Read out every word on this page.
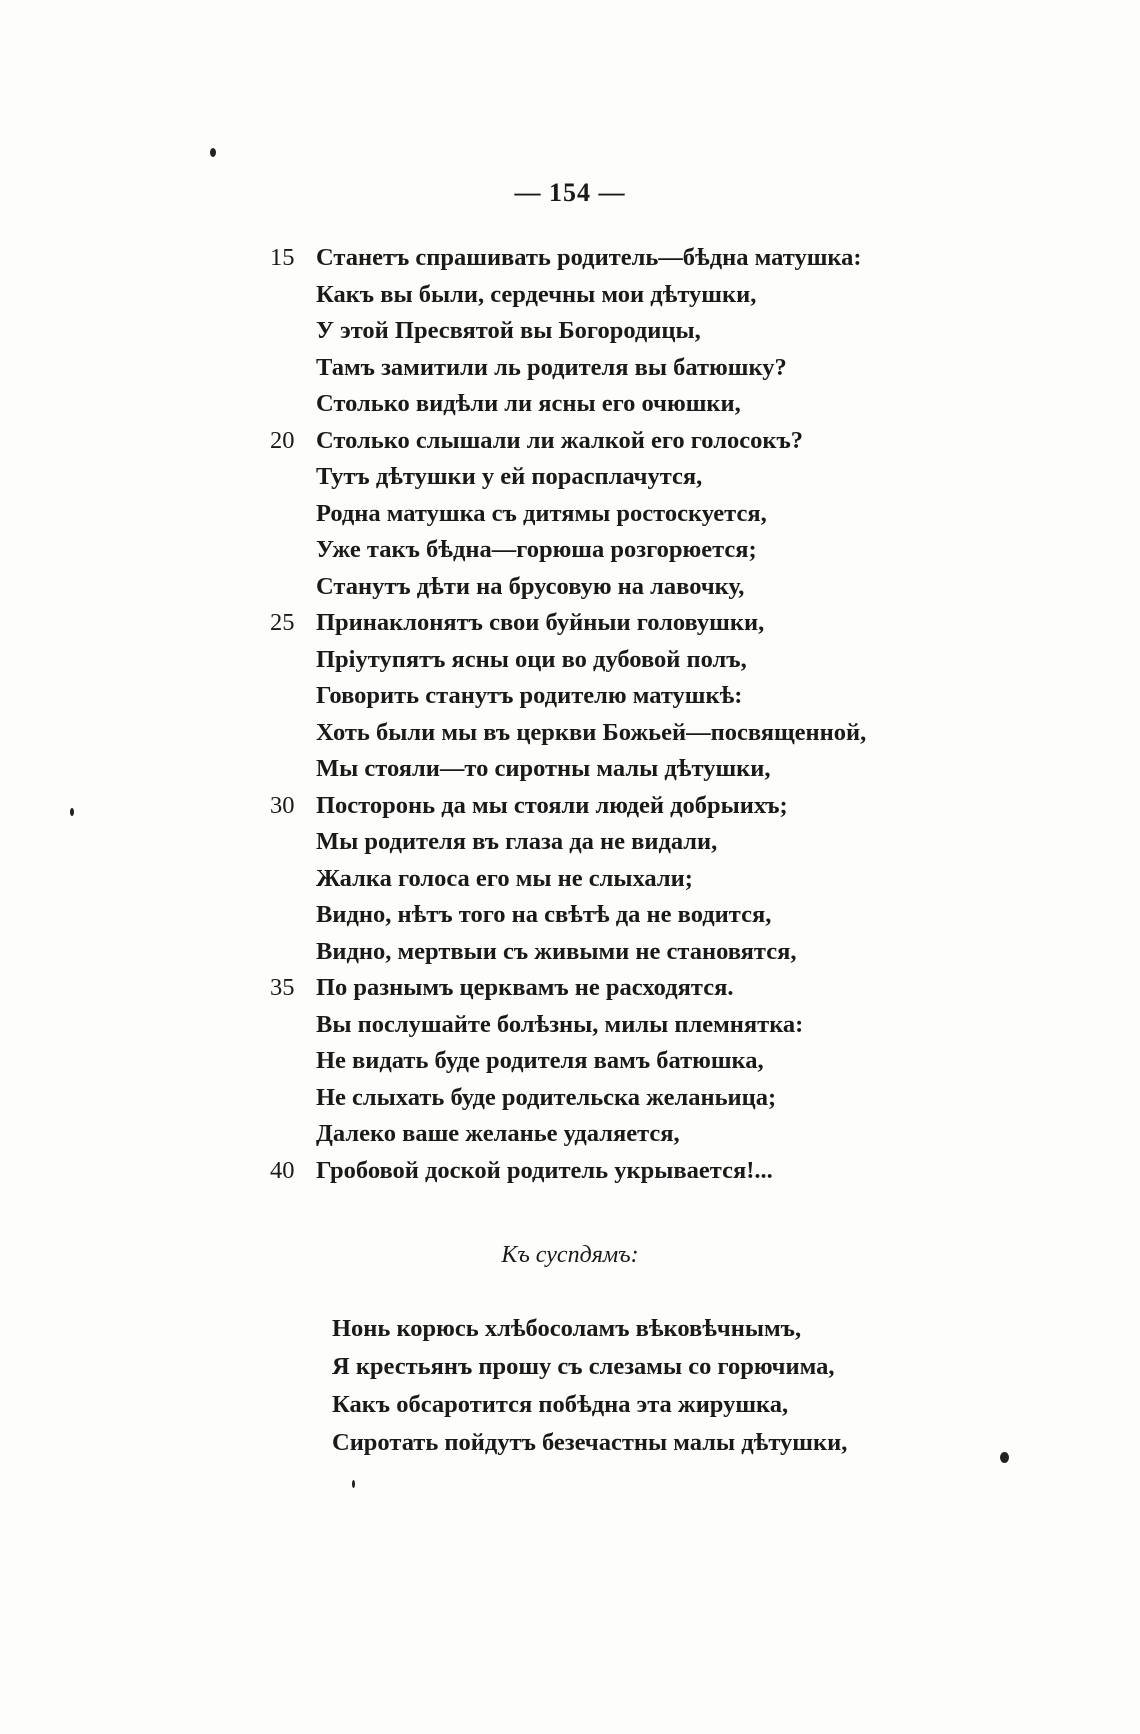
— 154 —
15 Станетъ спрашивать родитель—бѣдна матушка:
Какъ вы были, сердечны мои дѣтушки,
У этой Пресвятой вы Богородицы,
Тамъ замитили ль родителя вы батюшку?
Столько видѣли ли ясны его очюшки,
20 Столько слышали ли жалкой его голосокъ?
Тутъ дѣтушки у ей порасплачутся,
Родна матушка съ дитямы ростоскуется,
Уже такъ бѣдна—горюша розгорюется;
Станутъ дѣти на брусовую на лавочку,
25 Принаклонятъ свои буйныи головушки,
Прiутупятъ ясны оци во дубовой полъ,
Говорить станутъ родителю матушкѣ:
Хоть были мы въ церкви Божьей—посвященной,
Мы стояли—то сиротны малы дѣтушки,
30 Посторонь да мы стояли людей добрыихъ;
Мы родителя въ глаза да не видали,
Жалка голоса его мы не слыхали;
Видно, нѣтъ того на свѣтѣ да не водится,
Видно, мертвыи съ живыми не становятся,
35 По разнымъ церквамъ не расходятся.
Вы послушайте болѣзны, милы племнятка:
Не видать буде родителя вамъ батюшка,
Не слыхать буде родительска желаньица;
Далеко ваше желанье удаляется,
40 Гробовой доской родитель укрывается!...
Къ суспдямъ:
Нонь корюсь хлѣбосоламъ вѣковѣчнымъ,
Я крестьянъ прошу съ слезамы со горючима,
Какъ обсаротится побѣдна эта жирушка,
Сиротать пойдутъ безечастны малы дѣтушки,
